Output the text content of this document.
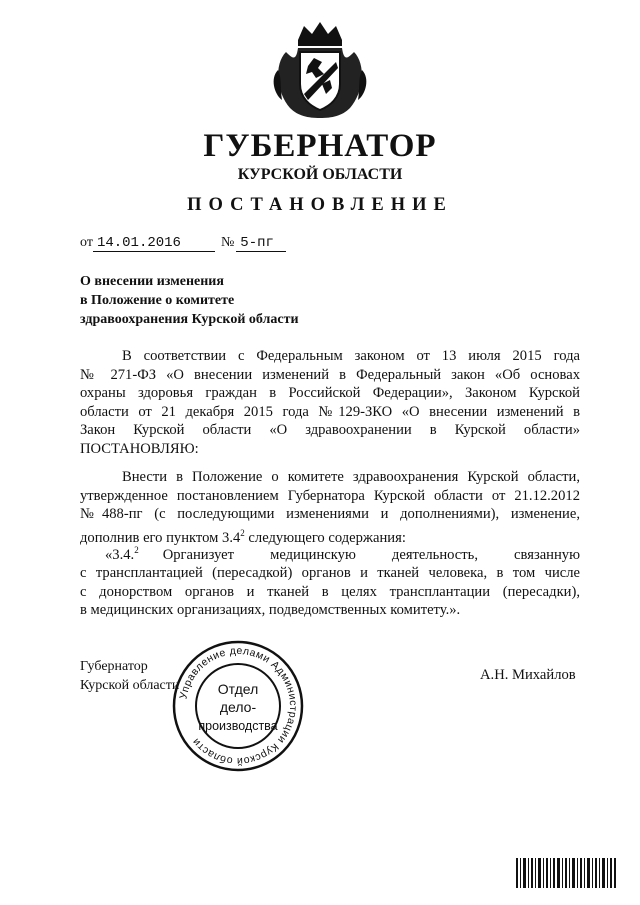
ГУБЕРНАТОР
КУРСКОЙ ОБЛАСТИ
ПОСТАНОВЛЕНИЕ
от 14.01.2016	№ 5-пг
О внесении изменения
в Положение о комитете
здравоохранения Курской области
В соответствии с Федеральным законом от 13 июля 2015 года
№ 271-ФЗ «О внесении изменений в Федеральный закон «Об основах
охраны здоровья граждан в Российской Федерации», Законом Курской
области от 21 декабря 2015 года №129-ЗКО «О внесении изменений в
Закон Курской области «О здравоохранении в Курской области»
ПОСТАНОВЛЯЮ:
Внести в Положение о комитете здравоохранения Курской области,
утвержденное постановлением Губернатора Курской области от 21.12.2012
№488-пг (с последующими изменениями и дополнениями), изменение,
дополнив его пунктом $3.4^2$ следующего содержания:
«3.4.$^2$ Организует медицинскую деятельность, связанную
с трансплантацией (пересадкой) органов и тканей человека, в том числе
с донорством органов и тканей в целях трансплантации (пересадки),
в медицинских организациях, подведомственных комитету.».
Губернатор
Курской области
А.Н. Михайлов
Управление делами Администрации Курской области
Отдел
дело-
производства
